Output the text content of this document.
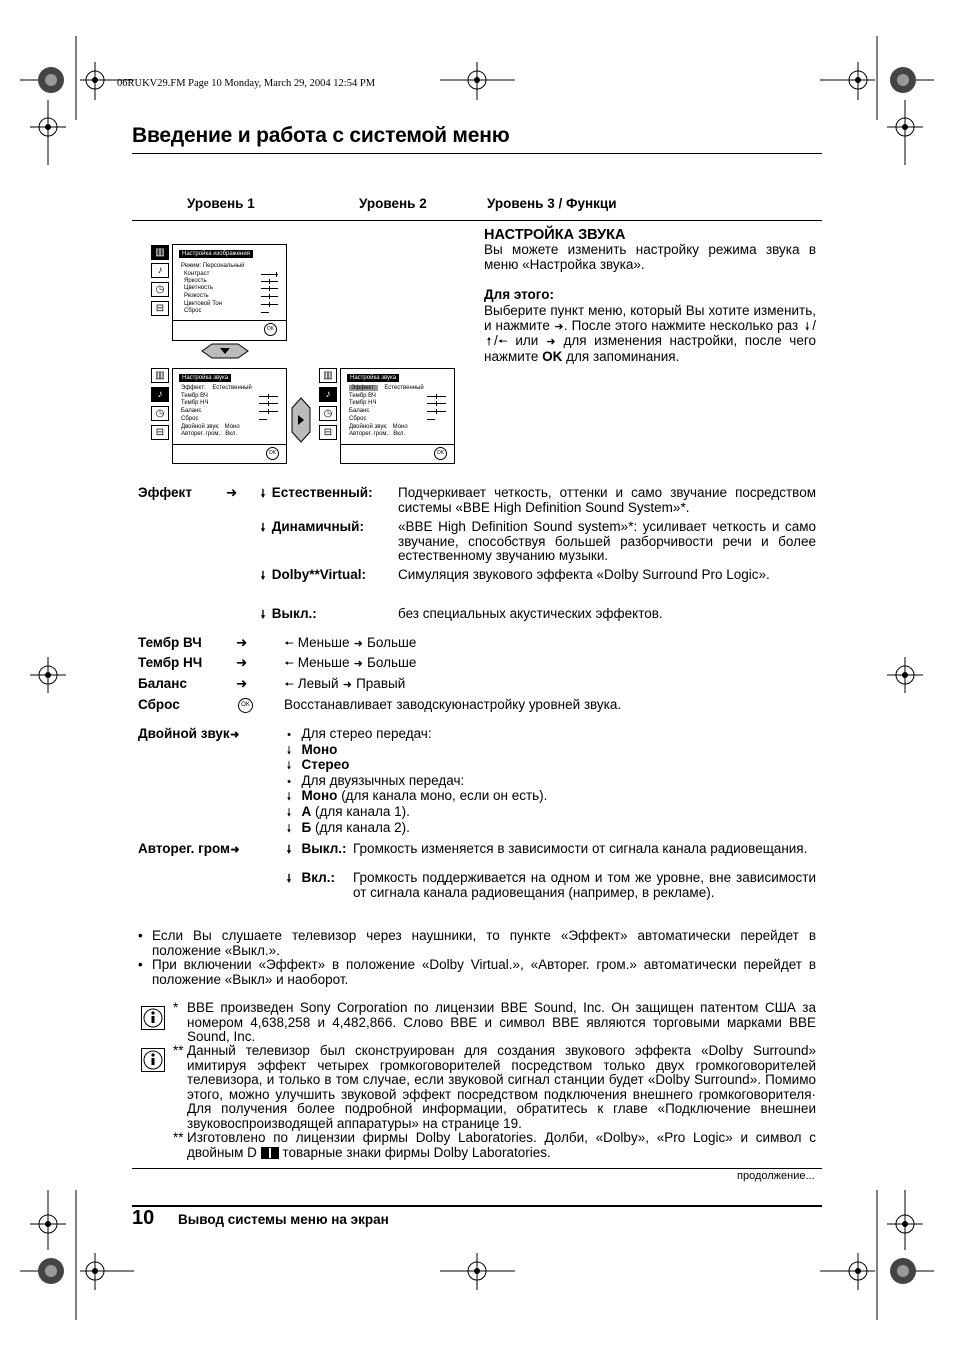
06RUKV29.FM Page 10 Monday, March 29, 2004 12:54 PM
Введение и работа с системой меню
Уровень 1	Уровень 2	Уровень 3 / Функци
▥
♪
◷
⊟
Настройка изображения
Режим: Персональный
Контраст
Яркость
Цветность
Резкость
Цветовой Тон
Сброс
OK
▥
♪
◷
⊟
Настройка звука
Эффект: Естественный
Тембр ВЧ
Тембр НЧ
Баланс
Сброс
Двойной звук: Моно
Авторег. гром.: Вкл.
OK
▥
♪
◷
⊟
Настройка звука
Эффект: Естественный
Тембр ВЧ
Тембр НЧ
Баланс
Сброс
Двойной звук: Моно
Авторег. гром.: Вкл.
OK
НАСТРОЙКА ЗВУКА
Вы можете изменить настройку режима звука в меню «Настройка звука».
Для этого:
Выберите пункт меню, который Вы хотите изменить, и нажмите ➜. После этого нажмите несколько раз 🠗 /🠕 /🠔 или ➜ для изменения настройки, после чего нажмите OK для запоминания.
Эффект	➜ 🠗 Естественный: Подчеркивает четкость, оттенки и само звучание посредством системы «BBE High Definition Sound System»*.
🠗 Динамичный:	«BBE High Definition Sound system»*: усиливает четкость и само звучание, способствуя большей разборчивости речи и более естественному звучанию музыки.
🠗 Dolby**Virtual: Симуляция звукового эффекта «Dolby Surround Pro Logic».
🠗 Выкл.:	без специальных акустических эффектов.
Тембр ВЧ	➜	🠔 Меньше ➜ Больше
Тембр НЧ ➜	🠔 Меньше ➜ Больше
Баланс	➜	🠔 Левый ➜ Правый
Сброс	OK	Восстанавливает заводскуюнастройку уровней звука.
Двойной звук➜	• Для стерео передач:
🠗 Моно
🠗 Стерео
• Для двуязычных передач:
🠗 Моно (для канала моно, если он есть).
🠗 А (для канала 1).
🠗 Б (для канала 2).
Авторег. гром➜	🠗 Выкл.: Громкость изменяется в зависимости от сигнала канала радиовещания.
🠗 Вкл.: Громкость поддерживается на одном и том же уровне, вне зависимости от сигнала канала радиовещания (например, в рекламе).
• Если Вы слушаете телевизор через наушники, то пункте «Эффект» автоматически перейдет в положение «Выкл.».
• При включении «Эффект» в положение «Dolby Virtual.», «Авторег. гром.» автоматически перейдет в положение «Выкл» и наоборот.
* BBE произведен Sony Corporation по лицензии BBE Sound, Inc. Он защищен патентом США за номером 4,638,258 и 4,482,866. Слово BBE и символ BBE являются торговыми марками BBE Sound, Inc.
** Данный телевизор был сконструирован для создания звукового эффекта «Dolby Surround» имитируя эффект четырех громкоговорителей посредством только двух громкоговорителей телевизора, и только в том случае, если звуковой сигнал станции будет «Dolby Surround». Помимо этого, можно улучшить звуковой эффект посредством подключения внешнего громкоговорителя· Для получения более подробной информации, обратитесь к главе «Подключение внешнеи звуковоспроизводящей аппаратуры» на странице 19.
** Изготовлено по лицензии фирмы Dolby Laboratories. Долби, «Dolby», «Pro Logic» и символ с двойным D товарные знаки фирмы Dolby Laboratories.
продолжение...
10 Вывод системы меню на экран
